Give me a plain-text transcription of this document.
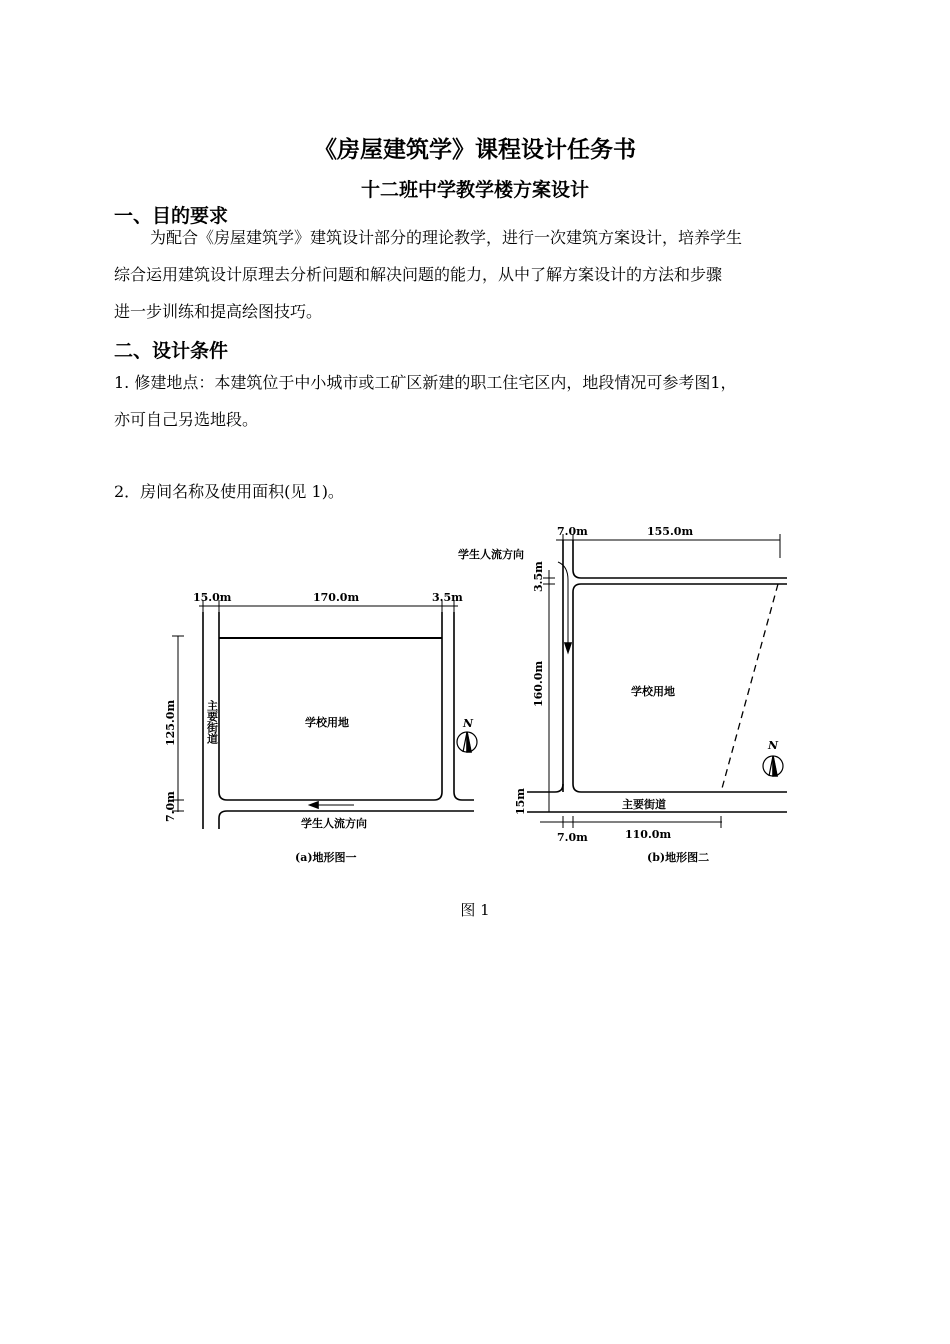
《房屋建筑学》课程设计任务书
十二班中学教学楼方案设计
一、目的要求
为配合《房屋建筑学》建筑设计部分的理论教学，进行一次建筑方案设计，培养学生
综合运用建筑设计原理去分析问题和解决问题的能力，从中了解方案设计的方法和步骤
进一步训练和提高绘图技巧。
二、设计条件
1. 修建地点：本建筑位于中小城市或工矿区新建的职工住宅区内，地段情况可参考图1，
亦可自己另选地段。
2．房间名称及使用面积(见 1)。
15.0m	170.0m	3.5m
125.0m
7.0m
主要街道	学校用地
学生人流方向
N
(a)地形图一
7.0m	155.0m
学生人流方向
3.5m
160.0m
15m
学校用地
主要街道
N
7.0m	110.0m
(b)地形图二
图 1
